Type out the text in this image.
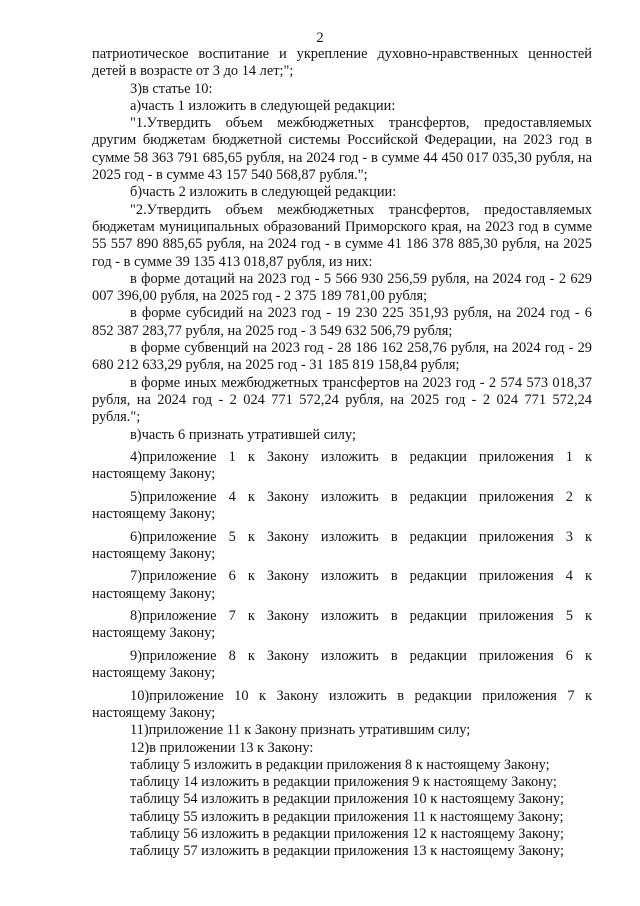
2

патриотическое воспитание и укрепление духовно-нравственных ценностей детей в возрасте от 3 до 14 лет;";

3)в статье 10:

а)часть 1 изложить в следующей редакции:

"1.Утвердить объем межбюджетных трансфертов, предоставляемых другим бюджетам бюджетной системы Российской Федерации, на 2023 год в сумме 58 363 791 685,65 рубля, на 2024 год - в сумме 44 450 017 035,30 рубля, на 2025 год - в сумме 43 157 540 568,87 рубля.";

б)часть 2 изложить в следующей редакции:

"2.Утвердить объем межбюджетных трансфертов, предоставляемых бюджетам муниципальных образований Приморского края, на 2023 год в сумме 55 557 890 885,65 рубля, на 2024 год - в сумме 41 186 378 885,30 рубля, на 2025 год - в сумме 39 135 413 018,87 рубля, из них:

в форме дотаций на 2023 год - 5 566 930 256,59 рубля, на 2024 год - 2 629 007 396,00 рубля, на 2025 год - 2 375 189 781,00 рубля;

в форме субсидий на 2023 год - 19 230 225 351,93 рубля, на 2024 год - 6 852 387 283,77 рубля, на 2025 год - 3 549 632 506,79 рубля;

в форме субвенций на 2023 год - 28 186 162 258,76 рубля, на 2024 год - 29 680 212 633,29 рубля, на 2025 год - 31 185 819 158,84 рубля;

в форме иных межбюджетных трансфертов на 2023 год - 2 574 573 018,37 рубля, на 2024 год - 2 024 771 572,24 рубля, на 2025 год - 2 024 771 572,24 рубля.";

в)часть 6 признать утратившей силу;

4)приложение 1 к Закону изложить в редакции приложения 1 к настоящему Закону;

5)приложение 4 к Закону изложить в редакции приложения 2 к настоящему Закону;

6)приложение 5 к Закону изложить в редакции приложения 3 к настоящему Закону;

7)приложение 6 к Закону изложить в редакции приложения 4 к настоящему Закону;

8)приложение 7 к Закону изложить в редакции приложения 5 к настоящему Закону;

9)приложение 8 к Закону изложить в редакции приложения 6 к настоящему Закону;

10)приложение 10 к Закону изложить в редакции приложения 7 к настоящему Закону;

11)приложение 11 к Закону признать утратившим силу;

12)в приложении 13 к Закону:

таблицу 5 изложить в редакции приложения 8 к настоящему Закону;

таблицу 14 изложить в редакции приложения 9 к настоящему Закону;

таблицу 54 изложить в редакции приложения 10 к настоящему Закону;

таблицу 55 изложить в редакции приложения 11 к настоящему Закону;

таблицу 56 изложить в редакции приложения 12 к настоящему Закону;

таблицу 57 изложить в редакции приложения 13 к настоящему Закону;
